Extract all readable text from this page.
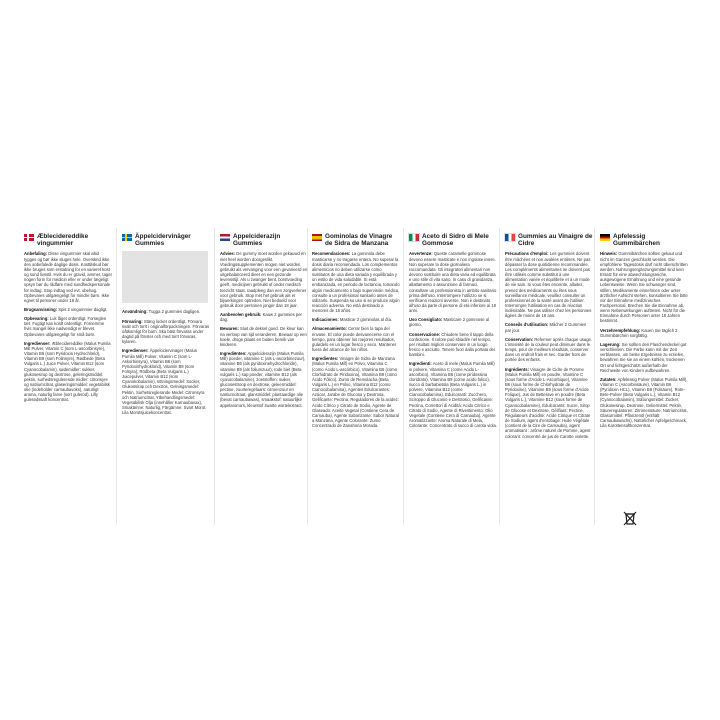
Æblecidereddike vingummier

Anbefaling: Disse vingummier skal altid tygges og bør ikke sluges hele. Overskrid ikke den anbefalede daglige dosis. Kosttilskud bør ikke bruges som erstatning for en varieret kost og sund livsstil. Hvis du er gravid, ammer, tager nogen form for medicin eller er under lægeligt opsyn bør du rådføre med sundhedspersonale for indtag. Stop indtag ved evt. ubehag. Opbevares utilgængeligt for mindre børn. Ikke egnet til personer under 18 år.

Brugsanvisning: Spis 2 vingummier dagligt.

Opbevaring: Luk låget ordentligt. Forsegles tæt. Fugtigt kan koldt ordentligt. Fornemme hvis mangel ikke nødvendigt er blevet. Opbevares utilgængeligt for små børn.

Ingredienser: Æblecidereddike (Malus Pumila Mill Pulver, Vitamin C (som L-ascorbinsyre), Vitamin B6 (som Pyridoxin Hydrochlorid), Vitamin B9 (som Folinsyre), Rødbede (Beta Vulgaris L.) Juice Pulver, Vitamin B12 (som Cyanocobalamin), sødemidler: sukker, glukosesirup og dextrose, geleringsmiddel: pektin, surhedsregulerende midler: citronsyre og natriumcitrat, glaseringsmiddel: vegetabilsk olie (indeholder carnaubavoks), naturligt aroma, naturlig farve (sort gulerod). Lilly gulerødssaft koncentrat.

Äppelcidervinäger Gummies

Användning: Tugga 2 gummies dagligen.

Förvaring: Stäng locket ordentligt. Förvara svalt och torrt i originalförpackningen. Förvaras oåtkomligt för barn. Ska bäst förvaras under dagtid på fönster och med torrt förvaras, kylaren.

Ingredienser: Äppelcidervinäger (Malus Pumila Mill) Pulver, Vitamin C (som L-Askorbinsyra), Vitamin B6 (som Pyridoxinhydroklorid), Vitamin B9 (som Folsyra), Rödbeta (Beta Vulgaris L.) Juicepulver, Vitamin B12 (som Cyanokobalamin), sötningsmedel: Socker, Glukossirap och Dextros, Gelningsmedel: Pektin, Surhetsreglerande Medel: Citronsyra och Natriumcitrat, Ytbehandlingsmedel: Vegetabilisk Olja (innehåller Karnaubavax), Smakämne: Naturlig, Färgämne: Svart Morot. Lila Morotsjuicekoncentrat.

Appelciderazijn Gummies

Advies: De gummy moet worden gekauwd en niet heel worden doorgeslikt. Voedingssupplementen mogen niet worden gebruikt als vervanging voor een gevarieerd en uitgebalanceerd dieet en een gezonde levensstijl. Als u zwanger bent, borstvoeding geeft, medicijnen gebruikt of onder medisch toezicht staat, raadpleeg dan een zorgverlener voor gebruik. Stop met het gebruik als er bijwerkingen optreden. Niet bedoeld voor gebruik door personen jonger dan 18 jaar.

Aanbevolen gebruik: Kauw 2 gummies per dag.

Bewaren: Sluit de deksel goed. De kleur kan na verloop van tijd veranderen. Bewaar op een koele, droge plaats en buiten bereik van kinderen.

Ingrediënten: Appelciderazijn (Malus Pumila Mill) poeder, vitamine C (als L-ascorbinezuur), vitamine B6 (als pyridoxinehydrochloride), vitamine B9 (als foliumzuur), rode biet (Beta vulgaris L.) sap poeder, vitamine B12 (als cyanocobalamine), zoetstoffen: suiker, glucosestroop en dextrose, geleermiddel: pectine, zuurteregelaars: citroenzuur en natriumcitraat, glansmiddel: plantaardige olie (bevat carnaubawas), smaakstof: natuurlijke appelaroma's, kleurstof zwarte wortelextract.

Gominolas de Vinagre de Sidra de Manzana

Recomendaciones: La gominola debe masticarse y no tragarse entera. No superar la dosis diaria recomendada. Los complementos alimenticios no deben utilizarse como sustitutos de una dieta variada y equilibrada y un estilo de vida saludable. Si está embarazada, en periodo de lactancia, tomando algún medicamento o bajo supervisión médica, consulte a un profesional sanitario antes de utilizarlo. Suspenda su uso si se produce algún reacción adversa. No está destinado a menores de 18 años.

Indicaciones: Masticar 2 gominolas al día.

Almacenamiento: Cerrar bien la tapa del envase. El color puede desvanecerse con el tiempo, para obtener los mejores resultados, guárdelo en un lugar fresco y seco. Mantener fuera del alcance de los niños.

Ingredientes: Vinagre de Sidra de Manzana (Malus Pumila Mill) en Polvo, Vitamina C (como Ácido L-ascórbico), Vitamina B6 (como Clorhidrato de Piridoxina), Vitamina B9 (como Ácido Fólico), Zumo de Remolacha (Beta Vulgaris L.) en Polvo, Vitamina B12 (como Cianocobalamina), Agentes Edulcorantes: Azúcar, Jarabe de Glucosa y Dextrosa, Gelificante: Pectina, Reguladores de la acidez: Ácido Cítrico y Citrato de Sodio, Agente de Glaseado: Aceite Vegetal (Contiene Cera de Carnauba), Agente Saborizante: Sabor Natural a Manzana, Agente Colorante: Zumo Concentrado de Zanahoria Morada.

Aceto di Sidro di Mele Gommose

Avvertenze: Queste caramelle gommose devono essere masticate e non ingoiate intere. Non superare la dose giornaliera raccomandata. Gli integratori alimentari non devono sostituire una dieta varia ed equilibrata e uno stile di vita sano. In caso di gravidanza, allattamento o assunzione di farmaci, consultare un professionista in ambito sanitario prima dell'uso. Interrompere l'utilizzo se si verificano reazioni avverse. Non è destinato all'uso da parte di persone di età inferiore ai 18 anni.

Uso Consigliato: Masticare 2 gommose al giorno.

Conservazione: Chiudere bene il tappo della confezione. Il colore può sbiadire nel tempo, per risultati migliori conservare in un luogo fresco e asciutto. Tenere fuori dalla portata dei bambini.

Ingredienti: Aceto di mele (Malus Pumila Mill) in polvere, Vitamina C (come Acido L-ascorbico), Vitamina B6 (come piridossina cloridrato), Vitamina B9 (come acido folico), succo di barbabietola (Beta Vulgaris L.) in polvere, Vitamina B12 (come Cianocobalamina), Edulcoranti: Zucchero, Sciroppo di Glucosio e Destrosio, Gelificante: Pectina, Correttori di Acidità: Acido Citrico e Citrato di Sodio, Agente di Rivestimento: Olio Vegetale (Contiene Cera di Carnauba), Agente Aromatizzante: Aroma Naturale di Mela, Colorante: Concentrato di succo di carota viola.

Gummies au Vinaigre de Cidre

Précautions d'emploi: Les gummies doivent être mâchées et non avalées entières. Ne pas dépasser la dose quotidienne recommandée. Les compléments alimentaires ne doivent pas être utilisés comme substitut à une alimentation variée et équilibrée et à un mode de vie sain. Si vous êtes enceinte, allaitez, prenez des médicaments ou êtes sous surveillance médicale, veuillez consulter un professionnel de la santé avant de l'utiliser. Interrompre l'utilisation en cas de réaction indésirable. Ne pas utiliser chez les personnes âgées de moins de 18 ans.

Conseils d'utilisation: Mâcher 2 Gummies par jour.

Conservation: Refermer après chaque usage. L'intensité de la couleur peut diminuer dans le temps, pour de meilleurs résultats, conserver dans un endroit frais et sec. Garder hors de portée des enfants.

Ingrédients: Vinaigre de Cidre de Pomme (Malus Pumila Mill) en poudre, Vitamine C (sous forme d'Acide L-Ascorbique), Vitamine B6 (sous forme de Chlorhydrate de Pyridoxine), Vitamine B9 (sous forme d'Acide Folique), Jus de Betterave en poudre (Beta Vulgaris L.), Vitamine B12 (sous forme de Cyanocobalamine), Édulcorants: Sucre, Sirop de Glucose et Dextrose, Gélifiant: Pectine, Régulateurs d'acidité: Acide Citrique et Citrate de Sodium, agent d'enrobage: Huile Végétale (contient de la Cire de Carnauba), agent aromatisant : arôme naturel de Pomme, agent colorant: concentré de jus de Carotte violette.

Apfelessig Gummibärchen

Hinweis: Gummibärchen sollten gekaut und nicht im Ganzen geschluckt werden. Die empfohlene Tagesdosis darf nicht überschritten werden. Nahrungsergänzungsmittel sind kein Ersatz für eine abwechslungsreiche, ausgewogene Ernährung und eine gesunde Lebensweise. Wenn Sie schwanger sind, stillen, Medikamente einnehmen oder unter ärztlicher Aufsicht stehen, konsultieren Sie bitte vor der Einnahme medizinisches Fachpersonal. Brechen Sie die Einnahme ab, wenn Nebenwirkungen auftreten. Nicht für die Einnahme durch Personen unter 18 Jahren bestimmt.

Verzehrempfehlung: Kauen Sie täglich 2 Gummibärchen sorgfältig.

Lagerung: Sie sollten den Flaschendeckel gut verschließen. Die Farbe kann mit der Zeit verblassen, um beste Ergebnisse zu erzielen, bewahren Sie sie an einem kühlen, trockenen Ort und lichtgeschützt außerhalb der Reichweite von Kindern aufbewahren.

Zutaten: Apfelessig Pulver (Malus Pumila Mill), Vitamin C (Ascorbinsäure), Vitamin B6 (Pyridoxin HCL), Vitamin B9 (Folsäure), Rote-Bete-Pulver (Beta Vulgaris L.), Vitamin B12 (Cyanocobalamin), Süßungsmittel: Zucker, Glukosesirup, Dextrose, Geliermittel: Pektin, Säureregulatoren: Zitronensäure, Natriumcitrat, Glasurmittel: Pflanzenöl (enthält Carnaubawachs), Natürlicher Apfelgeschmack, Lila Karottensaftkonzentrat.
